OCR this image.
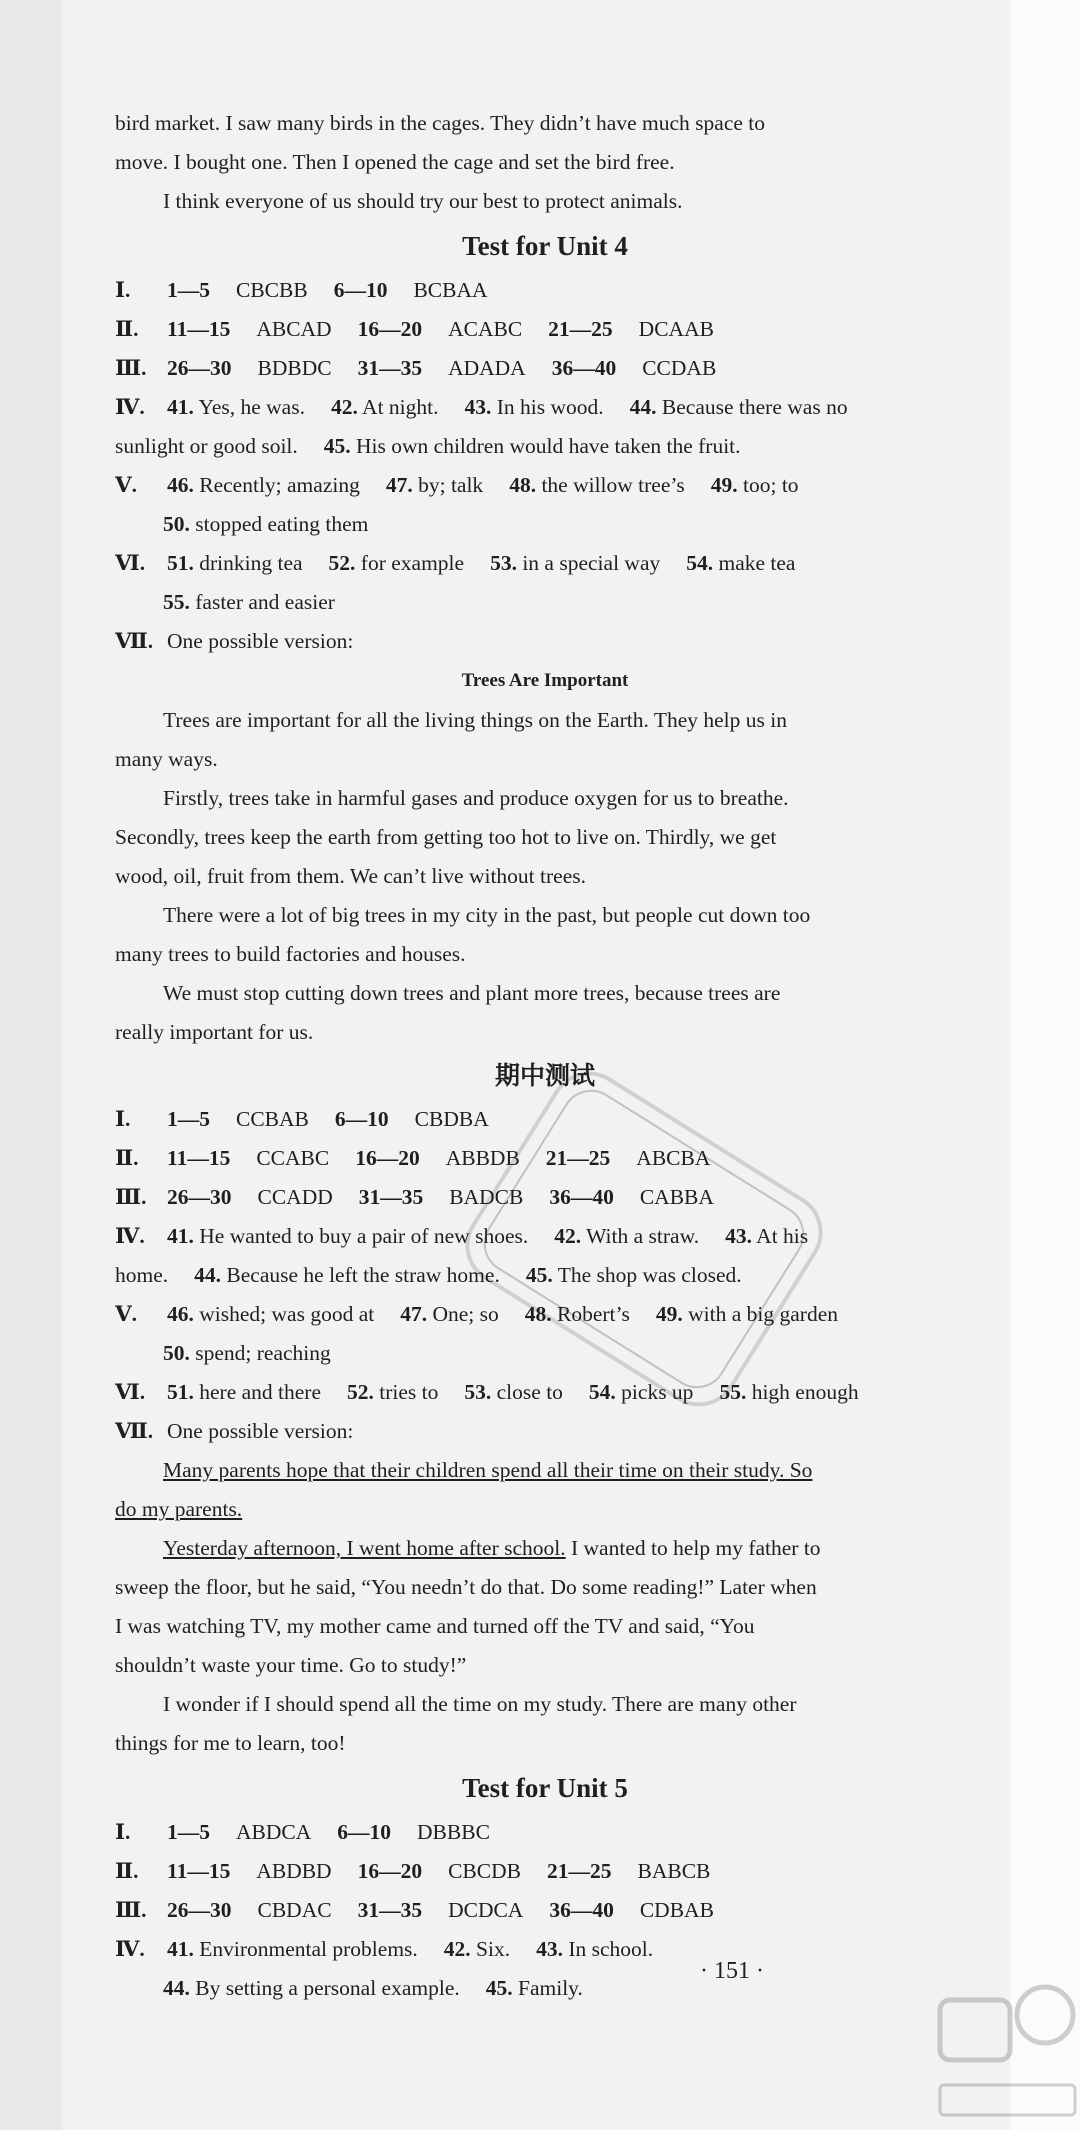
bird market. I saw many birds in the cages. They didn’t have much space to
move. I bought one. Then I opened the cage and set the bird free.
I think everyone of us should try our best to protect animals.
Test for Unit 4
Ⅰ. 1—5 CBCBB 6—10 BCBAA
Ⅱ. 11—15 ABCAD 16—20 ACABC 21—25 DCAAB
Ⅲ. 26—30 BDBDC 31—35 ADADA 36—40 CCDAB
Ⅳ. 41. Yes, he was. 42. At night. 43. In his wood. 44. Because there was no
sunlight or good soil. 45. His own children would have taken the fruit.
Ⅴ. 46. Recently; amazing 47. by; talk 48. the willow tree’s 49. too; to
50. stopped eating them
Ⅵ. 51. drinking tea 52. for example 53. in a special way 54. make tea
55. faster and easier
Ⅶ. One possible version:
Trees Are Important
Trees are important for all the living things on the Earth. They help us in
many ways.
Firstly, trees take in harmful gases and produce oxygen for us to breathe.
Secondly, trees keep the earth from getting too hot to live on. Thirdly, we get
wood, oil, fruit from them. We can’t live without trees.
There were a lot of big trees in my city in the past, but people cut down too
many trees to build factories and houses.
We must stop cutting down trees and plant more trees, because trees are
really important for us.
期中测试
Ⅰ. 1—5 CCBAB 6—10 CBDBA
Ⅱ. 11—15 CCABC 16—20 ABBDB 21—25 ABCBA
Ⅲ. 26—30 CCADD 31—35 BADCB 36—40 CABBA
Ⅳ. 41. He wanted to buy a pair of new shoes. 42. With a straw. 43. At his
home. 44. Because he left the straw home. 45. The shop was closed.
Ⅴ. 46. wished; was good at 47. One; so 48. Robert’s 49. with a big garden
50. spend; reaching
Ⅵ. 51. here and there 52. tries to 53. close to 54. picks up 55. high enough
Ⅶ. One possible version:
Many parents hope that their children spend all their time on their study. So
do my parents.
Yesterday afternoon, I went home after school. I wanted to help my father to
sweep the floor, but he said, “You needn’t do that. Do some reading!” Later when
I was watching TV, my mother came and turned off the TV and said, “You
shouldn’t waste your time. Go to study!”
I wonder if I should spend all the time on my study. There are many other
things for me to learn, too!
Test for Unit 5
Ⅰ. 1—5 ABDCA 6—10 DBBBC
Ⅱ. 11—15 ABDBD 16—20 CBCDB 21—25 BABCB
Ⅲ. 26—30 CBDAC 31—35 DCDCA 36—40 CDBAB
Ⅳ. 41. Environmental problems. 42. Six. 43. In school.
44. By setting a personal example. 45. Family.
· 151 ·
